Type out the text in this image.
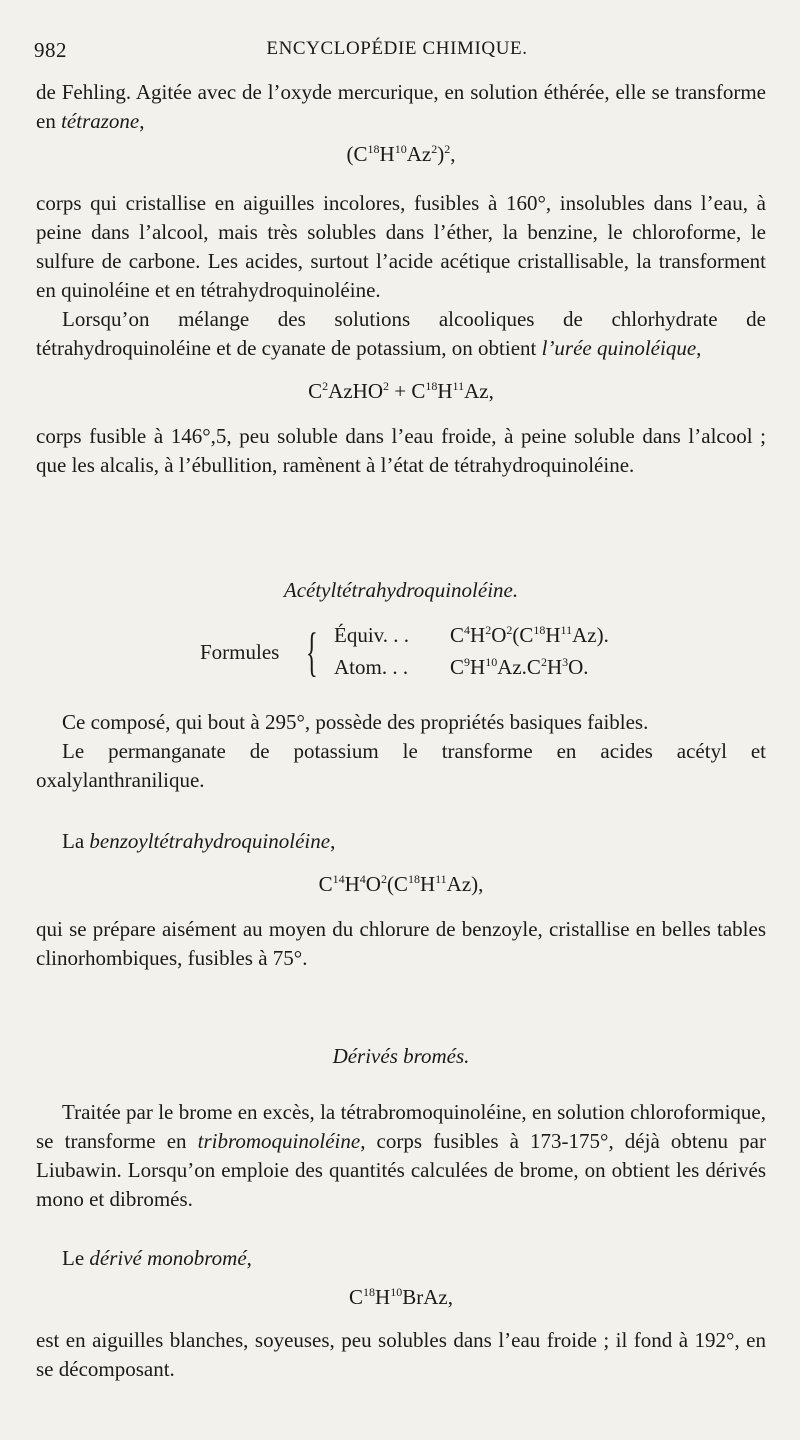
982	ENCYCLOPÉDIE CHIMIQUE.

de Fehling. Agitée avec de l’oxyde mercurique, en solution éthérée, elle se transforme en tétrazone,

$(C^{18}H^{10}Az^2)^2$,

corps qui cristallise en aiguilles incolores, fusibles à 160°, insolubles dans l’eau, à peine dans l’alcool, mais très solubles dans l’éther, la benzine, le chloroforme, le sulfure de carbone. Les acides, surtout l’acide acétique cristallisable, la transforment en quinoléine et en tétrahydroquinoléine.

Lorsqu’on mélange des solutions alcooliques de chlorhydrate de tétrahydroquinoléine et de cyanate de potassium, on obtient l’urée quinoléique,

$C^2AzHO^2 + C^{18}H^{11}Az$,

corps fusible à 146°,5, peu soluble dans l’eau froide, à peine soluble dans l’alcool ; que les alcalis, à l’ébullition, ramènent à l’état de tétrahydroquinoléine.

Acétyltétrahydroquinoléine.
Formules { Équiv. . . $C^4H^2O^2(C^{18}H^{11}Az)$.
Atom. . . $C^9H^{10}Az.C^2H^3O$.

Ce composé, qui bout à 295°, possède des propriétés basiques faibles.

Le permanganate de potassium le transforme en acides acétyl et oxalylanthranilique.

La benzoyltétrahydroquinoléine,

$C^{14}H^4O^2(C^{18}H^{11}Az)$,

qui se prépare aisément au moyen du chlorure de benzoyle, cristallise en belles tables clinorhombiques, fusibles à 75°.

Dérivés bromés.

Traitée par le brome en excès, la tétrabromoquinoléine, en solution chloroformique, se transforme en tribromoquinoléine, corps fusibles à 173-175°, déjà obtenu par Liubawin. Lorsqu’on emploie des quantités calculées de brome, on obtient les dérivés mono et dibromés.

Le dérivé monobromé,

$C^{18}H^{10}BrAz$,

est en aiguilles blanches, soyeuses, peu solubles dans l’eau froide ; il fond à 192°, en se décomposant.
